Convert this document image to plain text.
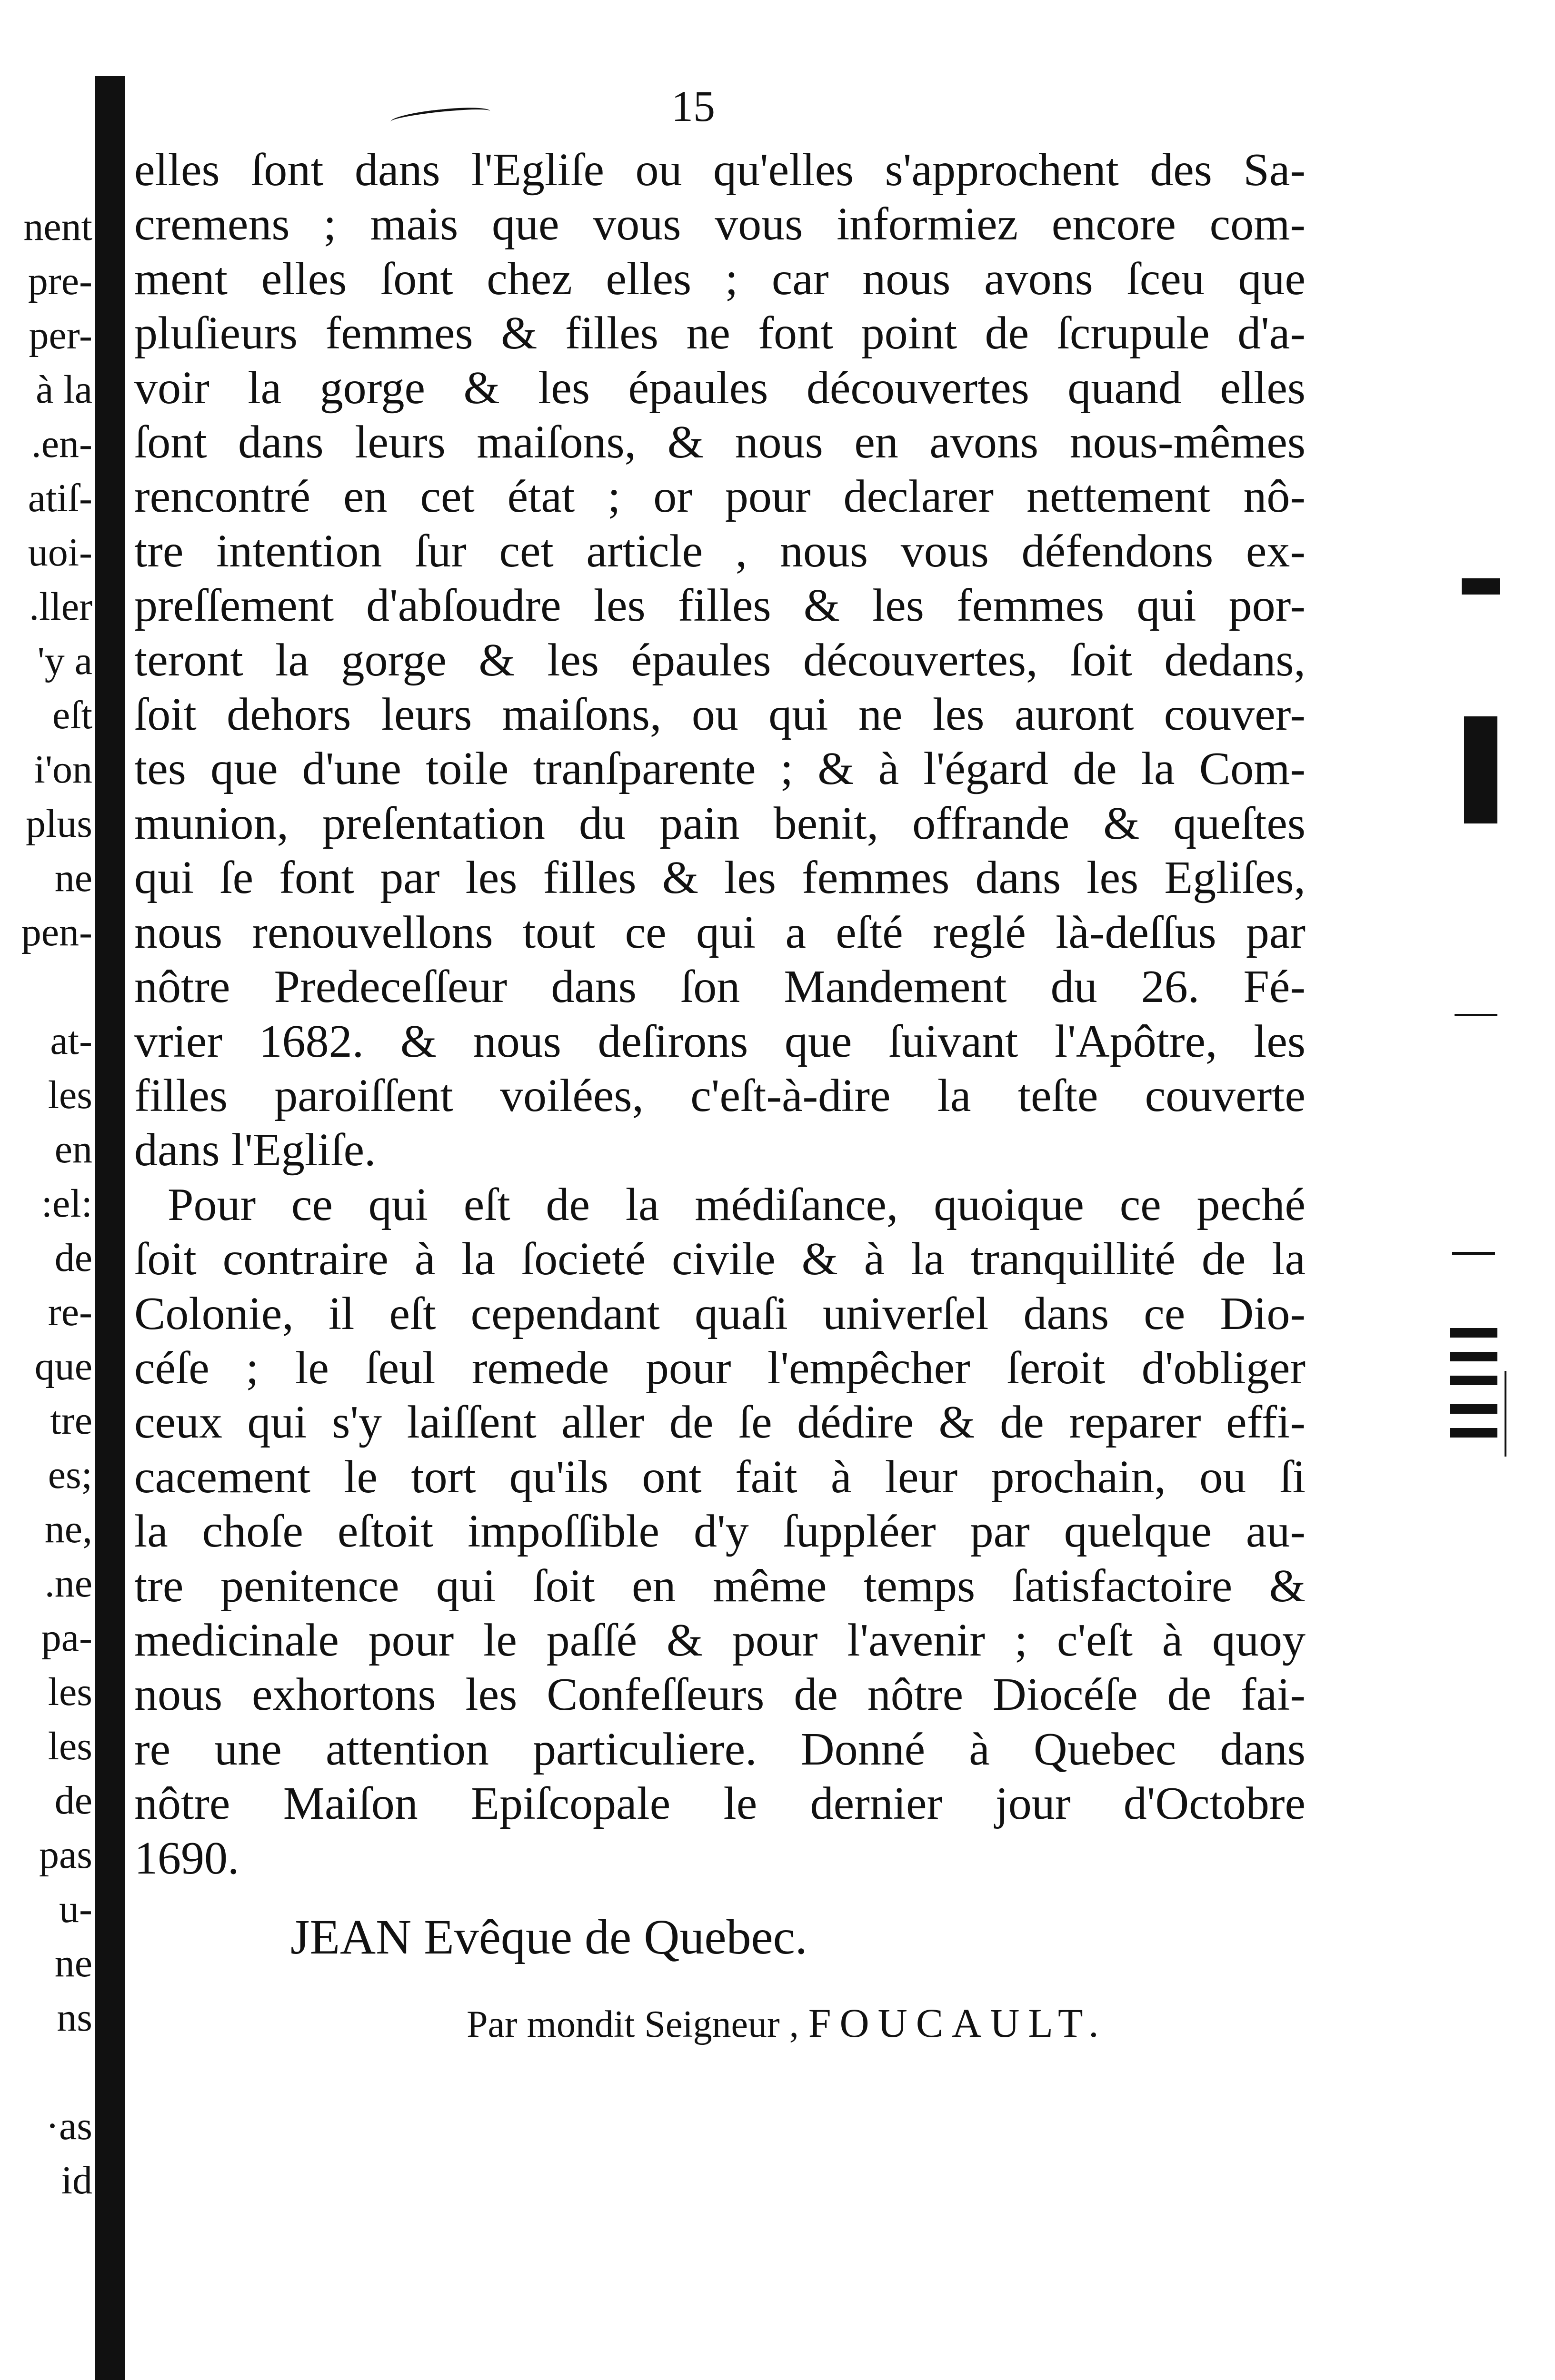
15
nent
pre-
per-
à la
.en-
atiſ-
uoi-
.ller
'y a
eſt
i'on
plus
ne
pen-
at-
les
en
:el:
de
re-
que
tre
es;
ne,
.ne
pa-
les
les
de
pas
u-
ne
ns
·as
id
elles ſont dans l'Egliſe ou qu'elles s'approchent des Sa-
cremens ; mais que vous vous informiez encore com-
ment elles ſont chez elles ; car nous avons ſceu que
pluſieurs femmes & filles ne font point de ſcrupule d'a-
voir la gorge & les épaules découvertes quand elles
ſont dans leurs maiſons, & nous en avons nous-mêmes
rencontré en cet état ; or pour declarer nettement nô-
tre intention ſur cet article , nous vous défendons ex-
preſſement d'abſoudre les filles & les femmes qui por-
teront la gorge & les épaules découvertes, ſoit dedans,
ſoit dehors leurs maiſons, ou qui ne les auront couver-
tes que d'une toile tranſparente ; & à l'égard de la Com-
munion, preſentation du pain benit, offrande & queſtes
qui ſe font par les filles & les femmes dans les Egliſes,
nous renouvellons tout ce qui a eſté reglé là-deſſus par
nôtre Predeceſſeur dans ſon Mandement du 26. Fé-
vrier 1682. & nous deſirons que ſuivant l'Apôtre, les
filles paroiſſent voilées, c'eſt-à-dire la teſte couverte
dans l'Egliſe.
Pour ce qui eſt de la médiſance, quoique ce peché
ſoit contraire à la ſocieté civile & à la tranquillité de la
Colonie, il eſt cependant quaſi univerſel dans ce Dio-
céſe ; le ſeul remede pour l'empêcher ſeroit d'obliger
ceux qui s'y laiſſent aller de ſe dédire & de reparer effi-
cacement le tort qu'ils ont fait à leur prochain, ou ſi
la choſe eſtoit impoſſible d'y ſuppléer par quelque au-
tre penitence qui ſoit en même temps ſatisfactoire &
medicinale pour le paſſé & pour l'avenir ; c'eſt à quoy
nous exhortons les Confeſſeurs de nôtre Diocéſe de fai-
re une attention particuliere. Donné à Quebec dans
nôtre Maiſon Epiſcopale le dernier jour d'Octobre
1690.
JEAN Evêque de Quebec.
Par mondit Seigneur , FOUCAULT.
